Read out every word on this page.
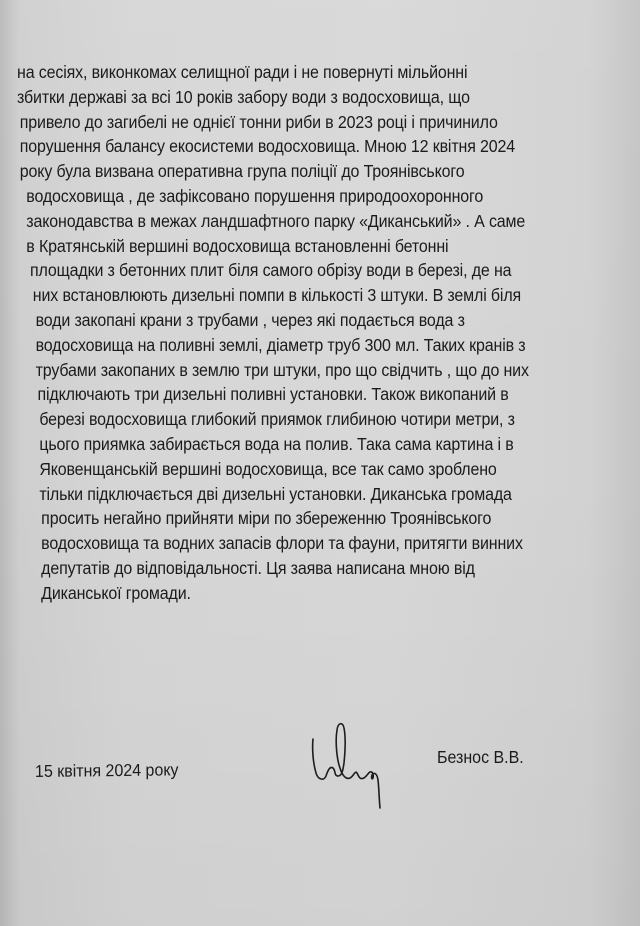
на сесіях, виконкомах селищної ради і не повернуті мільйонні
збитки державі за всі 10 років забору води з водосховища, що
привело до загибелі не однієї тонни риби в 2023 році і причинило
порушення балансу екосистеми водосховища. Мною 12 квітня 2024
року була визвана оперативна група поліції до Троянівського
водосховища , де зафіксовано порушення природоохоронного
законодавства в межах ландшафтного парку «Диканський» . А саме
в Кратянській вершині водосховища встановленні бетонні
площадки з бетонних плит біля самого обрізу води в березі, де на
них встановлюють дизельні помпи в кількості 3 штуки. В землі біля
води закопані крани з трубами , через які подається вода з
водосховища на поливні землі, діаметр труб 300 мл. Таких кранів з
трубами закопаних в землю три штуки, про що свідчить , що до них
підключають три дизельні поливні установки. Також викопаний в
березі водосховища глибокий приямок глибиною чотири метри, з
цього приямка забирається вода на полив. Така сама картина і в
Яковенщанській вершині водосховища, все так само зроблено
тільки підключається дві дизельні установки. Диканська громада
просить негайно прийняти міри по збереженню Троянівського
водосховища та водних запасів флори та фауни, притягти винних
депутатів до відповідальності. Ця заява написана мною від
Диканської громади.
15 квітня 2024 року
Безнос В.В.
